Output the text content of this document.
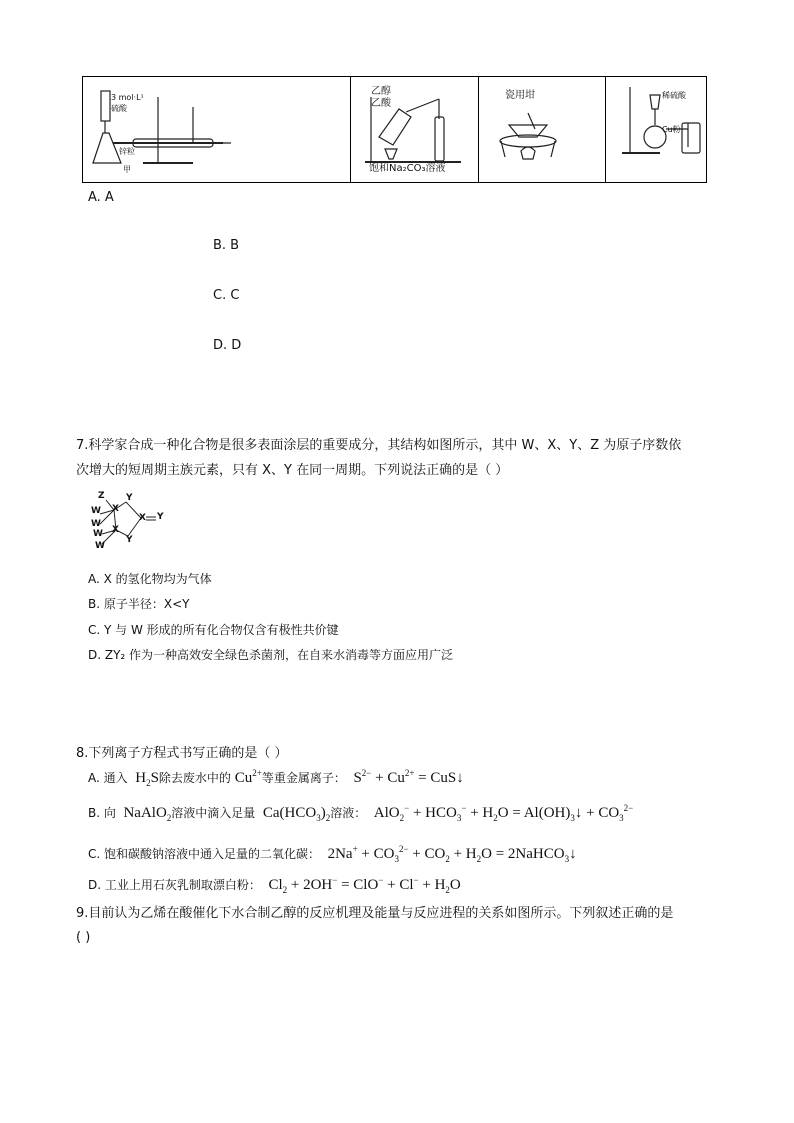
3 mol·L¹
硫酸
锌粒
甲
乙醇
乙酸
饱和Na₂CO₃溶液
瓷用坩	稀硫酸
Cu粉
A. A
B. B
C. C
D. D
7.科学家合成一种化合物是很多表面涂层的重要成分，其结构如图所示，其中 W、X、Y、Z 为原子序数依
次增大的短周期主族元素，只有 X、Y 在同一周期。下列说法正确的是（ ）
Z Y
W X
W
X
Y
W
X
W
Y
A. X 的氢化物均为气体
B. 原子半径：X<Y
C. Y 与 W 形成的所有化合物仅含有极性共价键
D. ZY₂ 作为一种高效安全绿色杀菌剂，在自来水消毒等方面应用广泛
8.下列离子方程式书写正确的是（ ）
A. 通入  $H_2S$除去废水中的 $Cu^{2+}$等重金属离子：  $S^{2-} + Cu^{2+}$ = CuS↓
B. 向  NaAlO$_2$溶液中滴入足量  $Ca(HCO_3)_2$溶液：  $AlO_2^- + HCO_3^- + H_2O$ = $Al(OH)_3↓ + CO_3^{2-}$
C. 饱和碳酸钠溶液中通入足量的二氧化碳：  $2Na^+ + CO_3^{2-} + CO_2 + H_2O$ = 2NaHCO$_3$↓
D. 工业上用石灰乳制取漂白粉：  $Cl_2 + 2OH^- = ClO^- + Cl^- + H_2O$
9.目前认为乙烯在酸催化下水合制乙醇的反应机理及能量与反应进程的关系如图所示。下列叙述正确的是
( )
